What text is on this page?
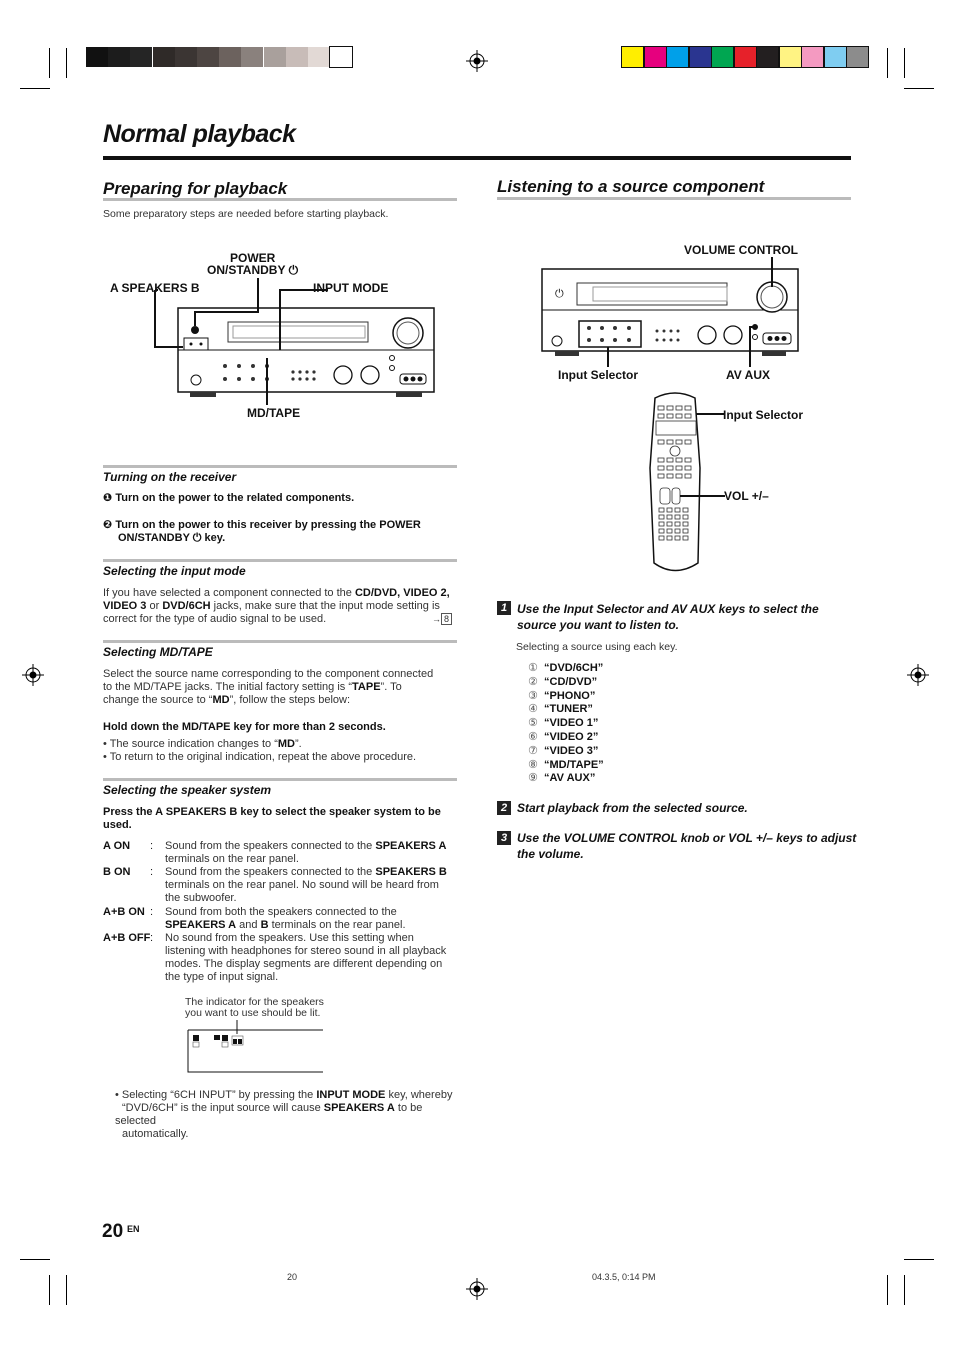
Normal playback
Preparing for playback
Some preparatory steps are needed before starting playback.
POWER
ON/STANDBY ⏻
A SPEAKERS B	INPUT MODE
MD/TAPE
Turning on the receiver
❶ Turn on the power to the related components.
❷ Turn on the power to this receiver by pressing the POWER
ON/STANDBY ⏻ key.
Selecting the input mode
If you have selected a component connected to the CD/DVD, VIDEO 2,
VIDEO 3 or DVD/6CH jacks, make sure that the input mode setting is
correct for the type of audio signal to be used.	→ 8
Selecting MD/TAPE
Select the source name corresponding to the component connected
to the MD/TAPE jacks. The initial factory setting is “TAPE”. To
change the source to “MD”, follow the steps below:
Hold down the MD/TAPE key for more than 2 seconds.
• The source indication changes to “MD”.
• To return to the original indication, repeat the above procedure.
Selecting the speaker system
Press the A SPEAKERS B key to select the speaker system to be used.
A ON : Sound from the speakers connected to the SPEAKERS A
terminals on the rear panel.
B ON : Sound from the speakers connected to the SPEAKERS B
terminals on the rear panel. No sound will be heard from
the subwoofer.
A+B ON : Sound from both the speakers connected to the
SPEAKERS A and B terminals on the rear panel.
A+B OFF : No sound from the speakers. Use this setting when
listening with headphones for stereo sound in all playback
modes. The display segments are different depending on
the type of input signal.
The indicator for the speakers
you want to use should be lit.
• Selecting “6CH INPUT” by pressing the INPUT MODE key, whereby
“DVD/6CH” is the input source will cause SPEAKERS A to be selected
automatically.
Listening to a source component
VOLUME CONTROL
Input Selector	AV AUX
⏻
Input Selector
VOL +/–
1 Use the Input Selector and AV AUX keys to select the
source you want to listen to.
Selecting a source using each key.
① “DVD/6CH”
② “CD/DVD”
③ “PHONO”
④ “TUNER”
⑤ “VIDEO 1”
⑥ “VIDEO 2”
⑦ “VIDEO 3”
⑧ “MD/TAPE”
⑨ “AV AUX”
2 Start playback from the selected source.
3 Use the VOLUME CONTROL knob or VOL +/– keys to adjust
the volume.
20 EN
20	04.3.5, 0:14 PM
